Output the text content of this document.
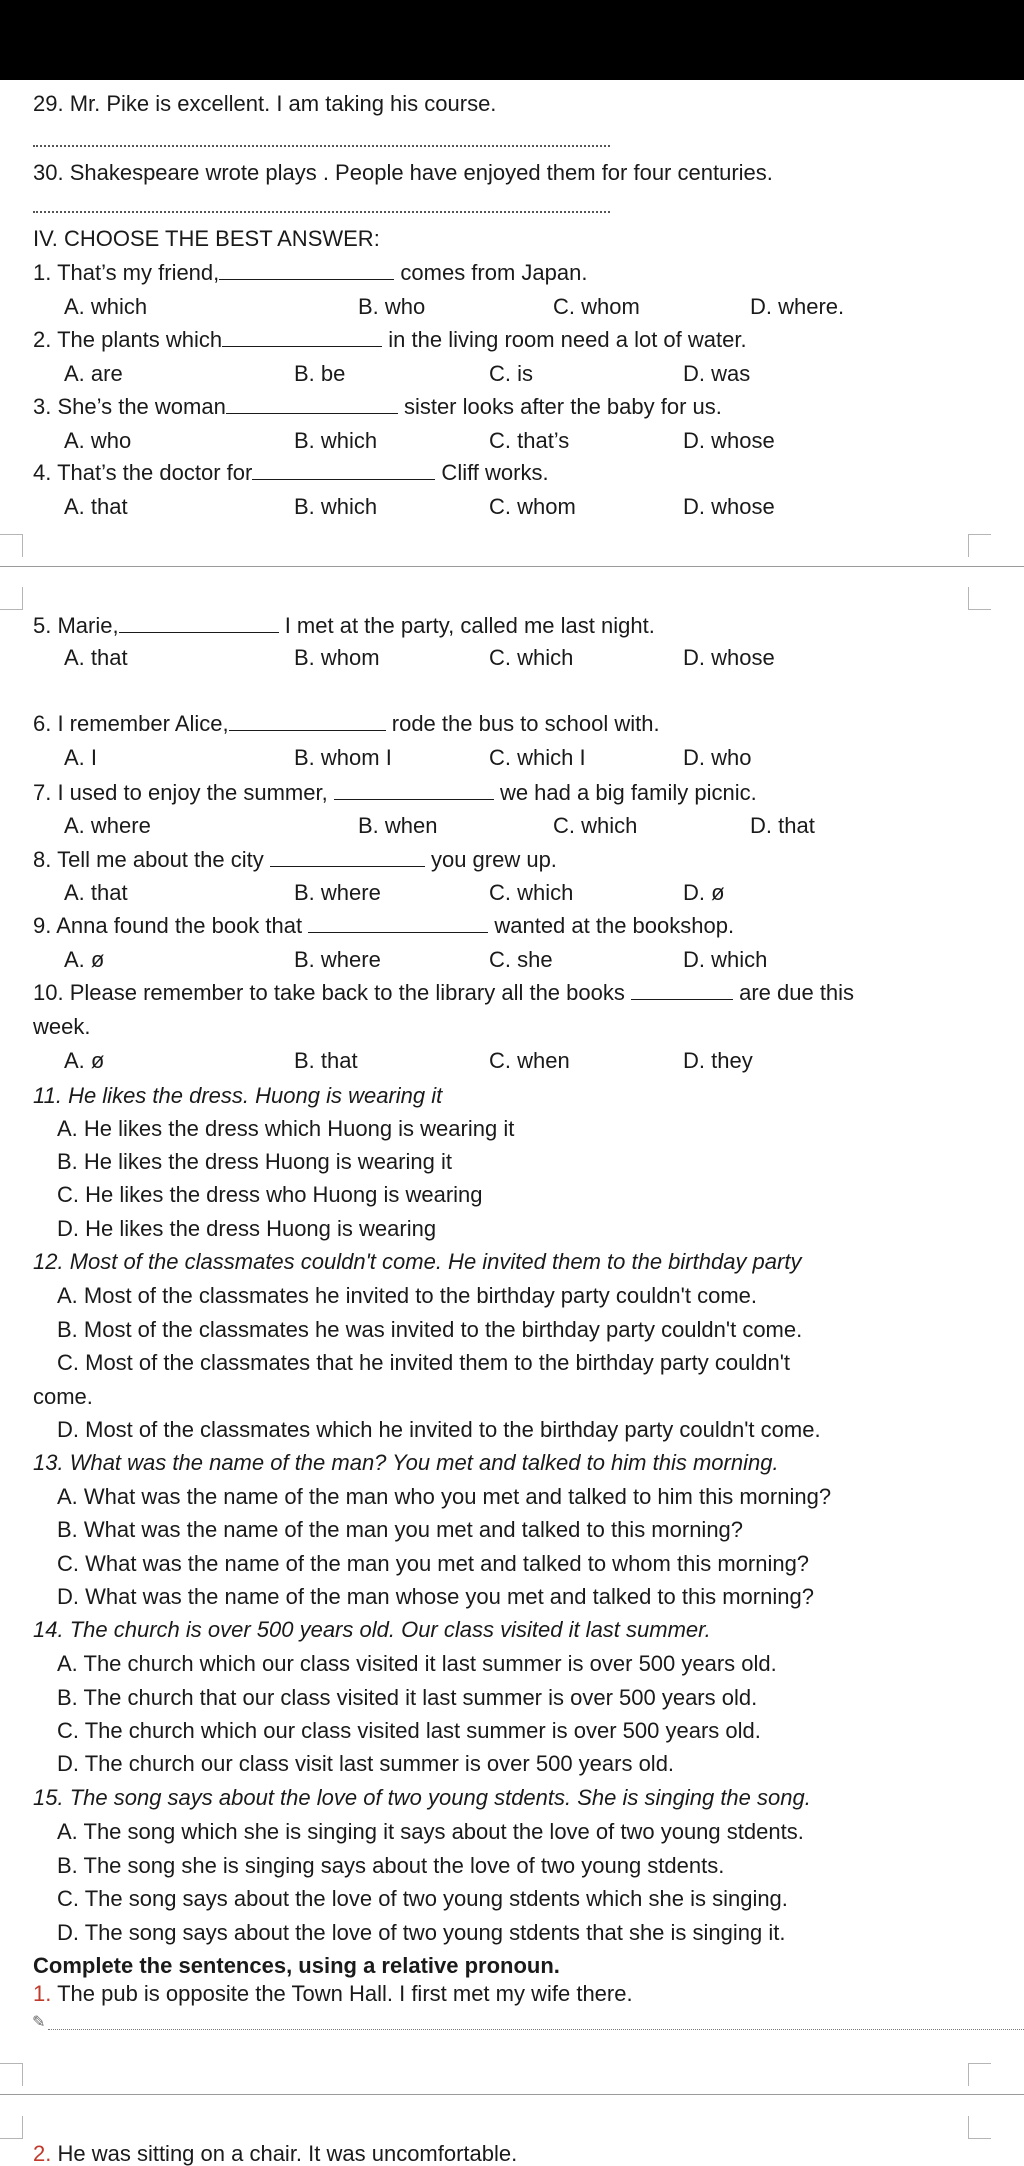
29. Mr. Pike is excellent. I am taking his course.
30. Shakespeare wrote plays . People have enjoyed them for four centuries.
IV. CHOOSE THE BEST ANSWER:
1. That’s my friend,	comes from Japan.
A. which	B. who	C. whom	D. where.
2. The plants which	in the living room need a lot of water.
A. are	B. be	C. is	D. was
3. She’s the woman	sister looks after the baby for us.
A. who	B. which	C. that’s	D. whose
4. That’s the doctor for	Cliff works.
A. that	B. which	C. whom	D. whose
5. Marie,	I met at the party, called me last night.
A. that	B. whom	C. which	D. whose
6. I remember Alice,	rode the bus to school with.
A. I	B. whom I	C. which I	D. who
7. I used to enjoy the summer,	we had a big family picnic.
A. where	B. when	C. which	D. that
8. Tell me about the city	you grew up.
A. that	B. where	C. which	D. ø
9. Anna found the book that	wanted at the bookshop.
A. ø	B. where	C. she	D. which
10. Please remember to take back to the library all the books	are due this
week.
A. ø	B. that	C. when	D. they
11. He likes the dress. Huong is wearing it
A. He likes the dress which Huong is wearing it
B. He likes the dress Huong is wearing it
C. He likes the dress who Huong is wearing
D. He likes the dress Huong is wearing
12. Most of the classmates couldn't come. He invited them to the birthday party
A. Most of the classmates he invited to the birthday party couldn't come.
B. Most of the classmates he was invited to the birthday party couldn't come.
C. Most of the classmates that he invited them to the birthday party couldn't
come.
D. Most of the classmates which he invited to the birthday party couldn't come.
13. What was the name of the man? You met and talked to him this morning.
A. What was the name of the man who you met and talked to him this morning?
B. What was the name of the man you met and talked to this morning?
C. What was the name of the man you met and talked to whom this morning?
D. What was the name of the man whose you met and talked to this morning?
14. The church is over 500 years old. Our class visited it last summer.
A. The church which our class visited it last summer is over 500 years old.
B. The church that our class visited it last summer is over 500 years old.
C. The church which our class visited last summer is over 500 years old.
D. The church our class visit last summer is over 500 years old.
15. The song says about the love of two young stdents. She is singing the song.
A. The song which she is singing it says about the love of two young stdents.
B. The song she is singing says about the love of two young stdents.
C. The song says about the love of two young stdents which she is singing.
D. The song says about the love of two young stdents that she is singing it.
Complete the sentences, using a relative pronoun.
1. The pub is opposite the Town Hall. I first met my wife there.
✎
2. He was sitting on a chair. It was uncomfortable.
